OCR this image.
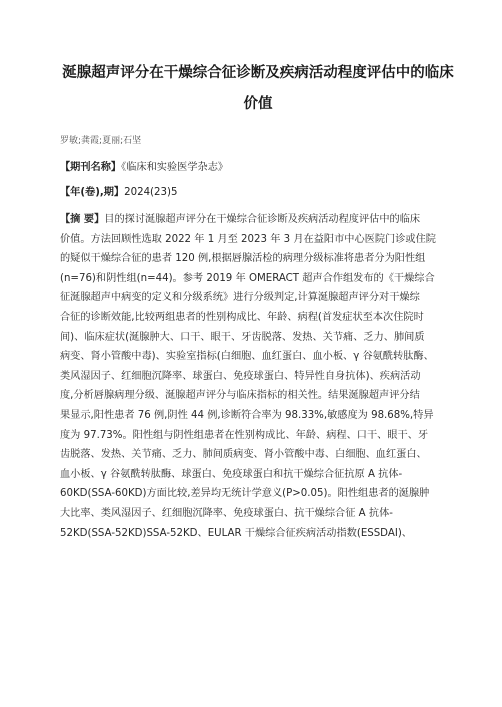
涎腺超声评分在干燥综合征诊断及疾病活动程度评估中的临床
价值
罗敏;龚霞;夏丽;石坚
【期刊名称】《临床和实验医学杂志》
【年(卷),期】2024(23)5
【摘 要】目的探讨涎腺超声评分在干燥综合征诊断及疾病活动程度评估中的临床
价值。方法回顾性选取 2022 年 1 月至 2023 年 3 月在益阳市中心医院门诊或住院
的疑似干燥综合征的患者 120 例,根据唇腺活检的病理分级标准将患者分为阳性组
(n=76)和阴性组(n=44)。参考 2019 年 OMERACT 超声合作组发布的《干燥综合
征涎腺超声中病变的定义和分级系统》进行分级判定,计算涎腺超声评分对干燥综
合征的诊断效能,比较两组患者的性别构成比、年龄、病程(首发症状至本次住院时
间)、临床症状(涎腺肿大、口干、眼干、牙齿脱落、发热、关节痛、乏力、肺间质
病变、肾小管酸中毒)、实验室指标(白细胞、血红蛋白、血小板、γ 谷氨酰转肽酶、
类风湿因子、红细胞沉降率、球蛋白、免疫球蛋白、特异性自身抗体)、疾病活动
度,分析唇腺病理分级、涎腺超声评分与临床指标的相关性。结果涎腺超声评分结
果显示,阳性患者 76 例,阴性 44 例,诊断符合率为 98.33%,敏感度为 98.68%,特异
度为 97.73%。阳性组与阴性组患者在性别构成比、年龄、病程、口干、眼干、牙
齿脱落、发热、关节痛、乏力、肺间质病变、肾小管酸中毒、白细胞、血红蛋白、
血小板、γ 谷氨酰转肽酶、球蛋白、免疫球蛋白和抗干燥综合征抗原 A 抗体-
60KD(SSA-60KD)方面比较,差异均无统计学意义(P>0.05)。阳性组患者的涎腺肿
大比率、类风湿因子、红细胞沉降率、免疫球蛋白、抗干燥综合征 A 抗体-
52KD(SSA-52KD)SSA-52KD、EULAR 干燥综合征疾病活动指数(ESSDAI)、
